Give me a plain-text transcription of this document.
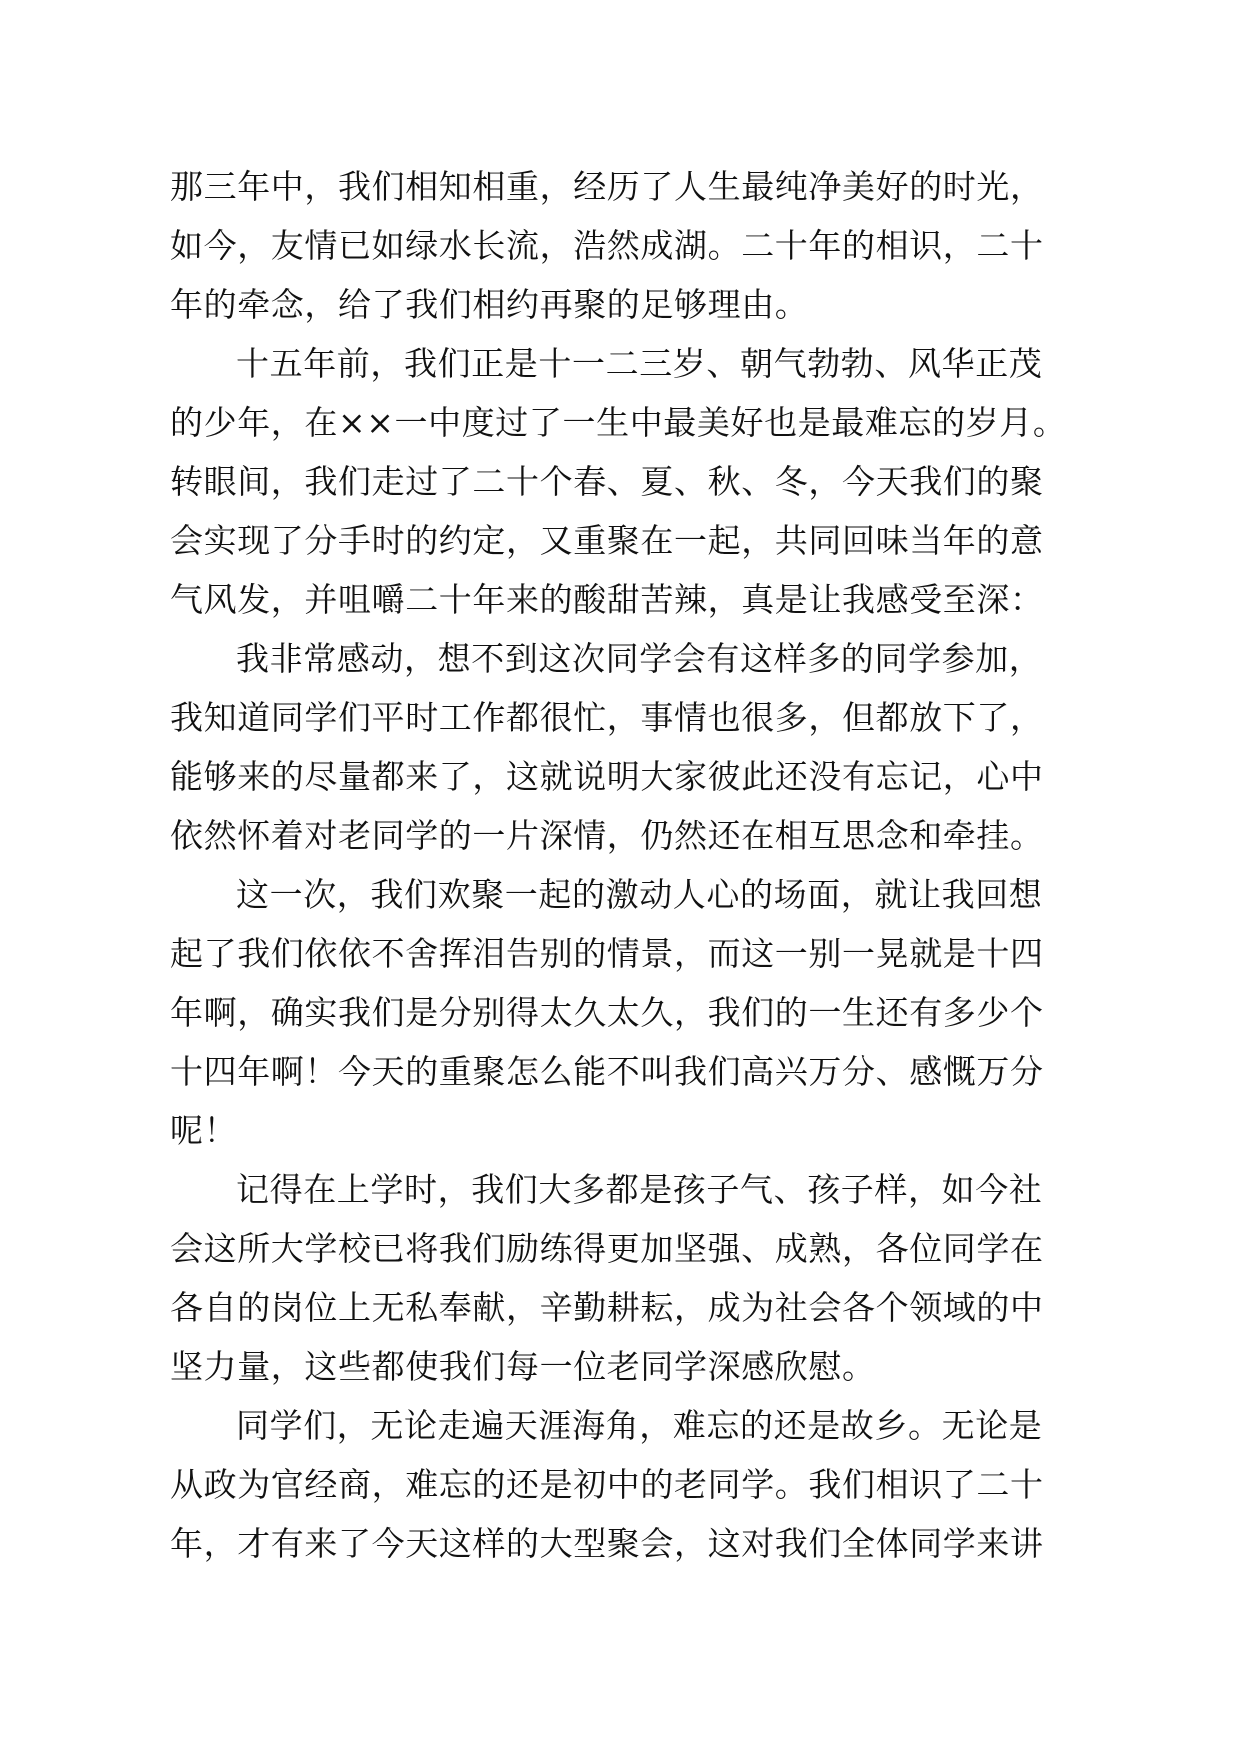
那三年中，我们相知相重，经历了人生最纯净美好的时光，
如今，友情已如绿水长流，浩然成湖。二十年的相识，二十
年的牵念，给了我们相约再聚的足够理由。
十五年前，我们正是十一二三岁、朝气勃勃、风华正茂
的少年，在××一中度过了一生中最美好也是最难忘的岁月。
转眼间，我们走过了二十个春、夏、秋、冬，今天我们的聚
会实现了分手时的约定，又重聚在一起，共同回味当年的意
气风发，并咀嚼二十年来的酸甜苦辣，真是让我感受至深：
我非常感动，想不到这次同学会有这样多的同学参加，
我知道同学们平时工作都很忙，事情也很多，但都放下了，
能够来的尽量都来了，这就说明大家彼此还没有忘记，心中
依然怀着对老同学的一片深情，仍然还在相互思念和牵挂。
这一次，我们欢聚一起的激动人心的场面，就让我回想
起了我们依依不舍挥泪告别的情景，而这一别一晃就是十四
年啊，确实我们是分别得太久太久，我们的一生还有多少个
十四年啊！今天的重聚怎么能不叫我们高兴万分、感慨万分
呢！
记得在上学时，我们大多都是孩子气、孩子样，如今社
会这所大学校已将我们励练得更加坚强、成熟，各位同学在
各自的岗位上无私奉献，辛勤耕耘，成为社会各个领域的中
坚力量，这些都使我们每一位老同学深感欣慰。
同学们，无论走遍天涯海角，难忘的还是故乡。无论是
从政为官经商，难忘的还是初中的老同学。我们相识了二十
年，才有来了今天这样的大型聚会，这对我们全体同学来讲
